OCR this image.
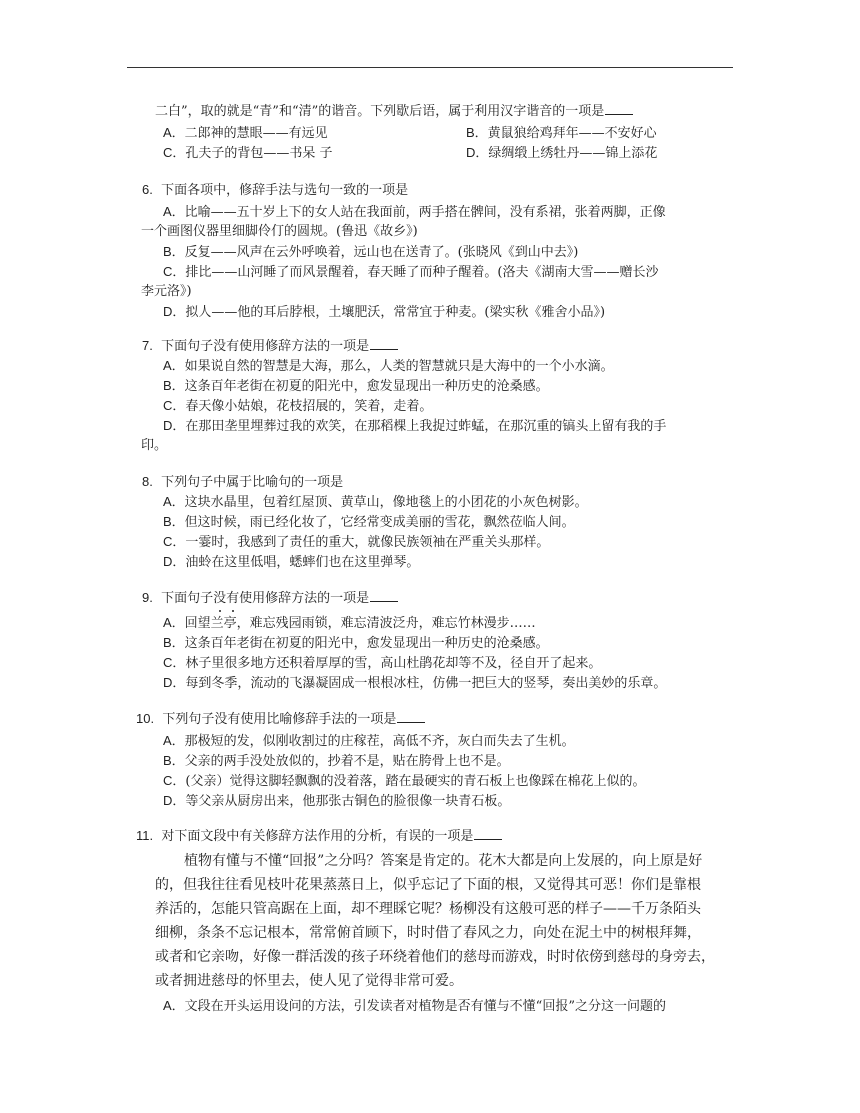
二白”，取的就是“青”和“清”的谐音。下列歇后语，属于利用汉字谐音的一项是
A．二郎神的慧眼——有远见	B．黄鼠狼给鸡拜年——不安好心
C．孔夫子的背包——书呆 子	D．绿绸缎上绣牡丹——锦上添花
6. 下面各项中，修辞手法与选句一致的一项是
A．比喻——五十岁上下的女人站在我面前，两手搭在髀间，没有系裙，张着两脚，正像
一个画图仪器里细脚伶仃的圆规。(鲁迅《故乡》)
B．反复——风声在云外呼唤着，远山也在送青了。(张晓风《到山中去》)
C．排比——山河睡了而风景醒着，春天睡了而种子醒着。(洛夫《湖南大雪——赠长沙
李元洛》)
D．拟人——他的耳后脖根，土壤肥沃，常常宜于种麦。(梁实秋《雅舍小品》)
7. 下面句子没有使用修辞方法的一项是
A．如果说自然的智慧是大海，那么，人类的智慧就只是大海中的一个小水滴。
B．这条百年老街在初夏的阳光中，愈发显现出一种历史的沧桑感。
C．春天像小姑娘，花枝招展的，笑着，走着。
D．在那田垄里埋葬过我的欢笑，在那稻棵上我捉过蚱蜢，在那沉重的镐头上留有我的手
印。
8. 下列句子中属于比喻句的一项是
A．这块水晶里，包着红屋顶、黄草山，像地毯上的小团花的小灰色树影。
B．但这时候，雨已经化妆了，它经常变成美丽的雪花，飘然莅临人间。
C．一霎时，我感到了责任的重大，就像民族领袖在严重关头那样。
D．油蛉在这里低唱，蟋蟀们也在这里弹琴。
9. 下面句子没有使用修辞方法的一项是
A．回望兰亭，难忘残园雨锁，难忘清波泛舟，难忘竹林漫步……
B．这条百年老街在初夏的阳光中，愈发显现出一种历史的沧桑感。
C．林子里很多地方还积着厚厚的雪，高山杜鹃花却等不及，径自开了起来。
D．每到冬季，流动的飞瀑凝固成一根根冰柱，仿佛一把巨大的竖琴，奏出美妙的乐章。
10. 下列句子没有使用比喻修辞手法的一项是
A．那极短的发，似刚收割过的庄稼茬，高低不齐，灰白而失去了生机。
B．父亲的两手没处放似的，抄着不是，贴在胯骨上也不是。
C．(父亲）觉得这脚轻飘飘的没着落，踏在最硬实的青石板上也像踩在棉花上似的。
D．等父亲从厨房出来，他那张古铜色的脸很像一块青石板。
11. 对下面文段中有关修辞方法作用的分析，有误的一项是
植物有懂与不懂“回报”之分吗？答案是肯定的。花木大都是向上发展的，向上原是好
的，但我往往看见枝叶花果蒸蒸日上，似乎忘记了下面的根，又觉得其可恶！你们是靠根
养活的，怎能只管高踞在上面，却不理睬它呢？杨柳没有这般可恶的样子——千万条陌头
细柳，条条不忘记根本，常常俯首顾下，时时借了春风之力，向处在泥土中的树根拜舞，
或者和它亲吻，好像一群活泼的孩子环绕着他们的慈母而游戏，时时依傍到慈母的身旁去，
或者拥进慈母的怀里去，使人见了觉得非常可爱。
A．文段在开头运用设问的方法，引发读者对植物是否有懂与不懂“回报”之分这一问题的
